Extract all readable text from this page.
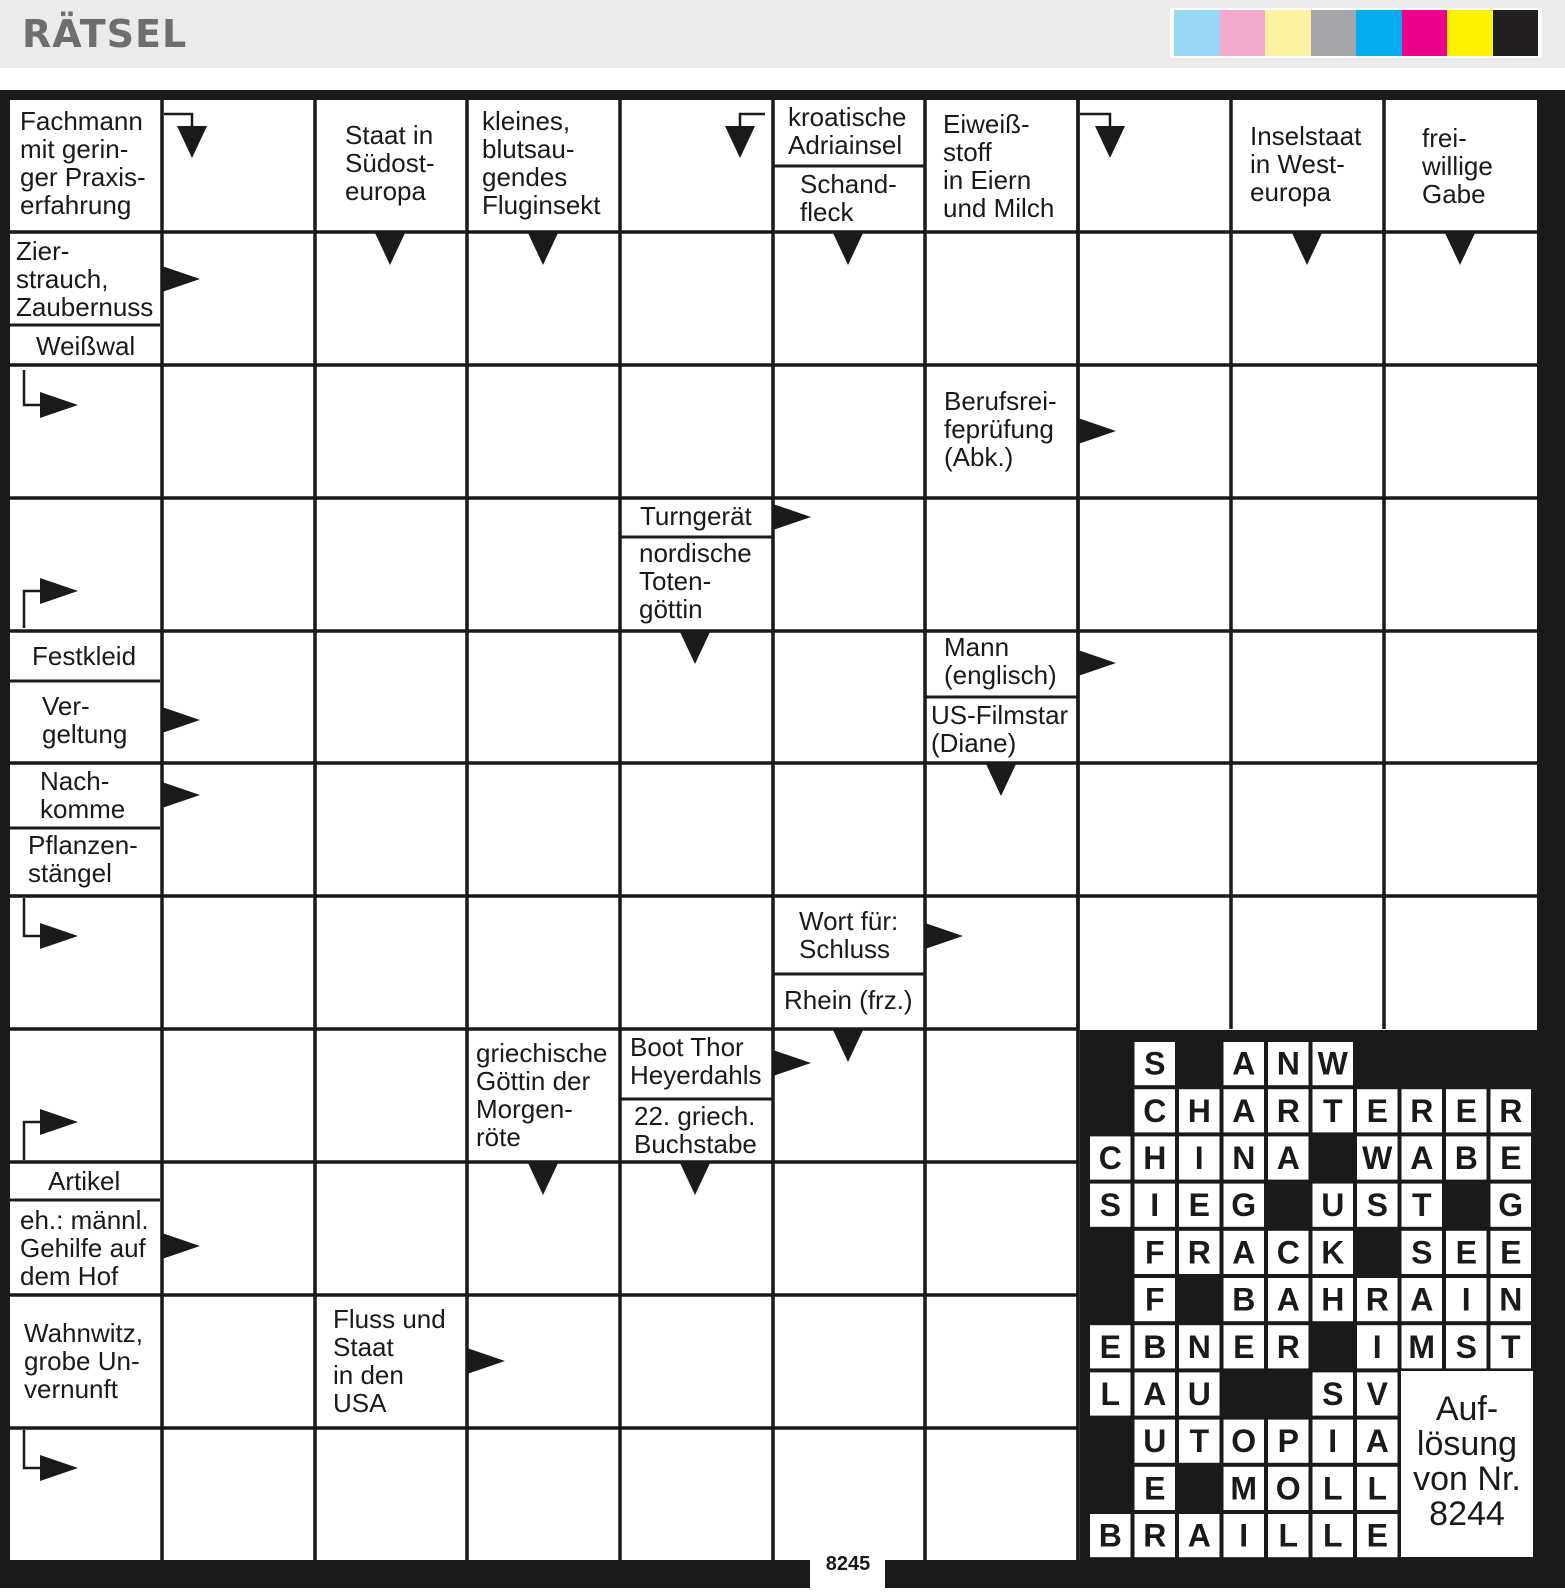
RÄTSEL
Fachmann mit gerin-ger Praxis-erfahrung
Staat in Südost-europa
kleines, blutsau-gendes Fluginsekt
kroatische Adriainsel
Schand-fleck
Eiweiß-stoff in Eiern und Milch
Inselstaat in West-europa
frei-willige Gabe
Zier-strauch, Zaubernuss
Weißwal
Berufsrei-feprüfung (Abk.)
Turngerät
nordische Toten-göttin
Festkleid
Ver-geltung
Mann (englisch)
US-Filmstar (Diane)
Nach-komme
Pflanzen-stängel
Wort für: Schluss
Rhein (frz.)
griechische Göttin der Morgen-röte
Boot Thor Heyerdahls
22. griech. Buchstabe
Artikel
eh.: männl. Gehilfe auf dem Hof
Wahnwitz, grobe Un-vernunft
Fluss und Staat in den USA
S A N W
C H A R T E R E R
C H I N A W A B E
S I E G U S T G
F R A C K S E E
F B A H R A I N
E B N E R I M S T
L A U	S V
U T O P I A
E M O L L
B R A I L L E
Auf-lösung von Nr. 8244
8245
